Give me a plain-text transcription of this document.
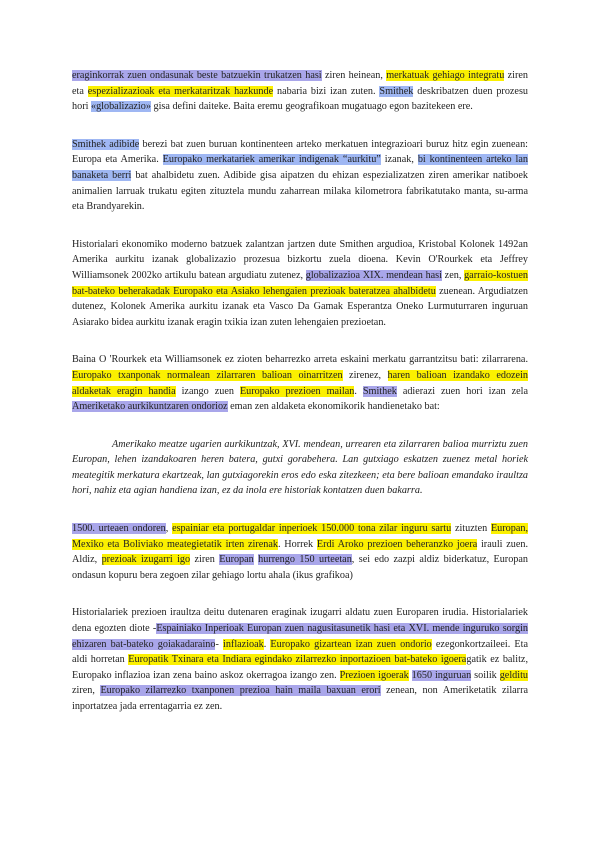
eraginkorrak zuen ondasunak beste batzuekin trukatzen hasi ziren heinean, merkatuak gehiago integratu ziren eta espezializazioak eta merkataritzak hazkunde nabaria bizi izan zuten. Smithek deskribatzen duen prozesu hori «globalizazio» gisa defini daiteke. Baita eremu geografikoan mugatuago egon bazitekeen ere.

Smithek adibide berezi bat zuen buruan kontinenteen arteko merkatuen integrazioari buruz hitz egin zuenean: Europa eta Amerika. Europako merkatariek amerikar indigenak “aurkitu” izanak, bi kontinenteen arteko lan banaketa berri bat ahalbidetu zuen. Adibide gisa aipatzen du ehizan espezializatzen ziren amerikar natiboek animalien larruak trukatu egiten zituztela mundu zaharrean milaka kilometrora fabrikatutako manta, su-arma eta Brandyarekin.

Historialari ekonomiko moderno batzuek zalantzan jartzen dute Smithen argudioa, Kristobal Kolonek 1492an Amerika aurkitu izanak globalizazio prozesua bizkortu zuela dioena. Kevin O'Rourkek eta Jeffrey Williamsonek 2002ko artikulu batean argudiatu zutenez, globalizazioa XIX. mendean hasi zen, garraio-kostuen bat-bateko beherakadak Europako eta Asiako lehengaien prezioak bateratzea ahalbidetu zuenean. Argudiatzen dutenez, Kolonek Amerika aurkitu izanak eta Vasco Da Gamak Esperantza Oneko Lurmuturraren inguruan Asiarako bidea aurkitu izanak eragin txikia izan zuten lehengaien prezioetan.

Baina O 'Rourkek eta Williamsonek ez zioten beharrezko arreta eskaini merkatu garrantzitsu bati: zilarrarena. Europako txanponak normalean zilarraren balioan oinarritzen zirenez, haren balioan izandako edozein aldaketak eragin handia izango zuen Europako prezioen mailan. Smithek adierazi zuen hori izan zela Ameriketako aurkikuntzaren ondorioz eman zen aldaketa ekonomikorik handienetako bat:

Amerikako meatze ugarien aurkikuntzak, XVI. mendean, urrearen eta zilarraren balioa murriztu zuen Europan, lehen izandakoaren heren batera, gutxi gorabehera. Lan gutxiago eskatzen zuenez metal horiek meategitik merkatura ekartzeak, lan gutxiagorekin eros edo eska zitezkeen; eta bere balioan emandako iraultza hori, nahiz eta agian handiena izan, ez da inola ere historiak kontatzen duen bakarra.

1500. urteaen ondoren, espainiar eta portugaldar inperioek 150.000 tona zilar inguru sartu zituzten Europan, Mexiko eta Boliviako meategietatik irten zirenak. Horrek Erdi Aroko prezioen beheranzko joera irauli zuen. Aldiz, prezioak izugarri igo ziren Europan hurrengo 150 urteetan, sei edo zazpi aldiz biderkatuz, Europan ondasun kopuru bera zegoen zilar gehiago lortu ahala (ikus grafikoa)

Historialariek prezioen iraultza deitu dutenaren eraginak izugarri aldatu zuen Europaren irudia. Historialariek dena egozten diote -Espainiako Inperioak Europan zuen nagusitasunetik hasi eta XVI. mende inguruko sorgin ehizaren bat-bateko goiakadaraino- inflazioak. Europako gizartean izan zuen ondorio ezegonkortzaileei. Eta aldi horretan Europatik Txinara eta Indiara egindako zilarrezko inportazioen bat-bateko igoeragatik ez balitz, Europako inflazioa izan zena baino askoz okerragoa izango zen. Prezioen igoerak 1650 inguruan soilik gelditu ziren, Europako zilarrezko txanponen prezioa hain maila baxuan erori zenean, non Ameriketatik zilarra inportatzea jada errentagarria ez zen.
